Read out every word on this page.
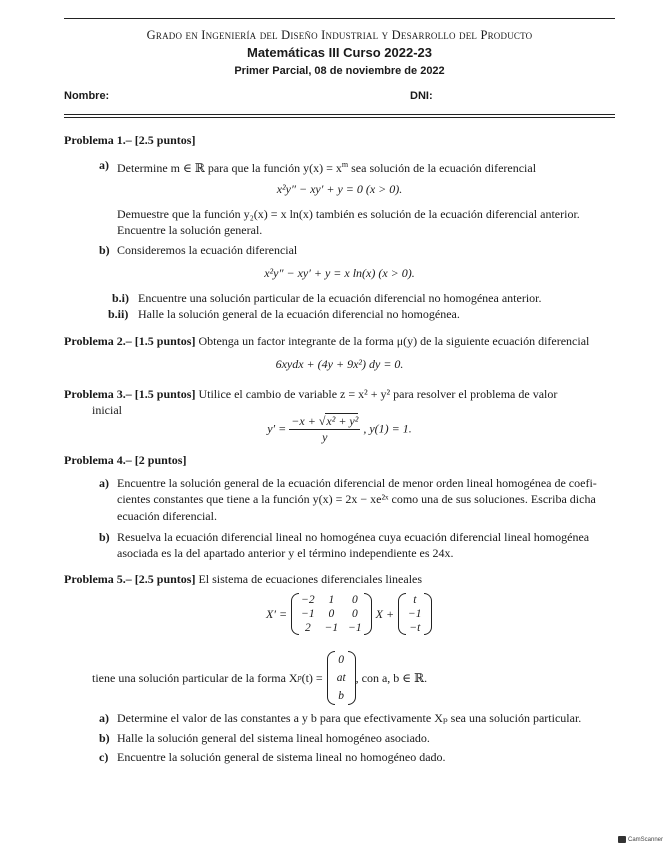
Grado en Ingeniería del Diseño Industrial y Desarrollo del Producto
Matemáticas III Curso 2022-23
Primer Parcial, 08 de noviembre de 2022
Nombre:	DNI:
Problema 1.– [2.5 puntos]
a) Determine m ∈ ℝ para que la función $y(x) = x^m$ sea solución de la ecuación diferencial
x²y″ − xy′ + y = 0 (x > 0).
Demuestre que la función y₂(x) = x ln(x) también es solución de la ecuación diferencial anterior.
Encuentre la solución general.
b) Consideremos la ecuación diferencial
x²y″ − xy′ + y = x ln(x) (x > 0).
b.i) Encuentre una solución particular de la ecuación diferencial no homogénea anterior.
b.ii) Halle la solución general de la ecuación diferencial no homogénea.
Problema 2.– [1.5 puntos] Obtenga un factor integrante de la forma μ(y) de la siguiente ecuación diferencial
6xydx + (4y + 9x²) dy = 0.
Problema 3.– [1.5 puntos] Utilice el cambio de variable z = x² + y² para resolver el problema de valor
inicial
$y' = \frac{\text{−x + √x² + y²}}{y}$ , y(1) = 1.
Problema 4.– [2 puntos]
a) Encuentre la solución general de la ecuación diferencial de menor orden lineal homogénea de coefi-
cientes constantes que tiene a la función y(x) = 2x − xe²ˣ como una de sus soluciones. Escriba dicha
ecuación diferencial.
b) Resuelva la ecuación diferencial lineal no homogénea cuya ecuación diferencial lineal homogénea
asociada es la del apartado anterior y el término independiente es 24x.
Problema 5.– [2.5 puntos] El sistema de ecuaciones diferenciales lineales
X′ =
−2	1	0
−1	0	0
2	−1	−1
X +
t
−1
−t
tiene una solución particular de la forma X p (t) =
0
at
b
, con a, b ∈ ℝ.
a) Determine el valor de las constantes a y b para que efectivamente Xₚ sea una solución particular.
b) Halle la solución general del sistema lineal homogéneo asociado.
c) Encuentre la solución general de sistema lineal no homogéneo dado.
CamScanner
